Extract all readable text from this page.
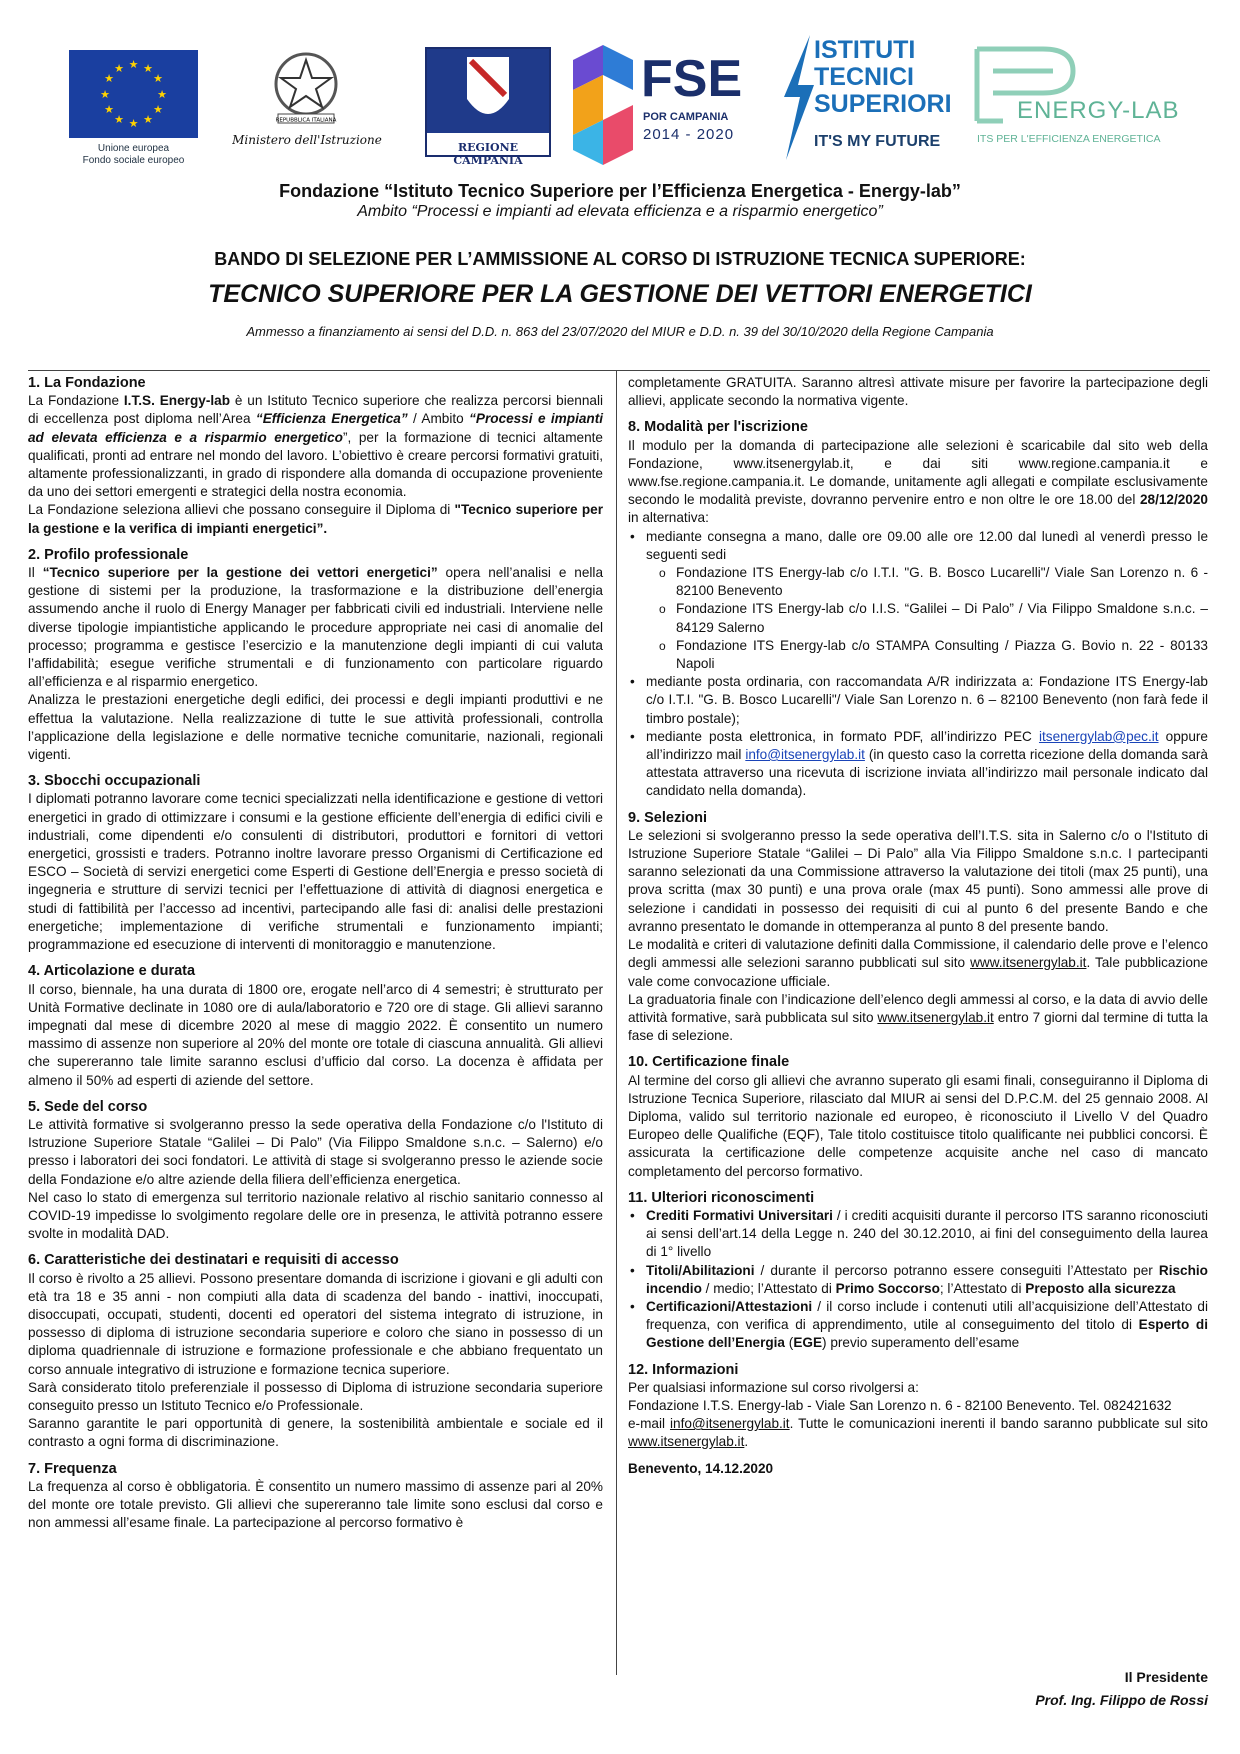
★ ★
★
★
★
★
★
★
★
★
★
★
Unione europea
Fondo sociale europeo
REPUBBLICA ITALIANA
Ministero dell'Istruzione
REGIONE CAMPANIA
FSE
POR CAMPANIA
2014 - 2020
ISTITUTI
TECNICI
SUPERIORI
IT'S MY FUTURE
ENERGY-LAB
ITS PER L'EFFICIENZA ENERGETICA
Fondazione “Istituto Tecnico Superiore per l’Efficienza Energetica - Energy-lab”
Ambito “Processi e impianti ad elevata efficienza e a risparmio energetico”
BANDO DI SELEZIONE PER L’AMMISSIONE AL CORSO DI ISTRUZIONE TECNICA SUPERIORE:
TECNICO SUPERIORE PER LA GESTIONE DEI VETTORI ENERGETICI
Ammesso a finanziamento ai sensi del D.D. n. 863 del 23/07/2020 del MIUR e D.D. n. 39 del 30/10/2020 della Regione Campania

1. La Fondazione

La Fondazione I.T.S. Energy-lab è un Istituto Tecnico superiore che realizza percorsi biennali di eccellenza post diploma nell’Area “Efficienza Energetica” / Ambito “Processi e impianti ad elevata efficienza e a risparmio energetico”, per la formazione di tecnici altamente qualificati, pronti ad entrare nel mondo del lavoro. L’obiettivo è creare percorsi formativi gratuiti, altamente professionalizzanti, in grado di rispondere alla domanda di occupazione proveniente da uno dei settori emergenti e strategici della nostra economia.

La Fondazione seleziona allievi che possano conseguire il Diploma di "Tecnico superiore per la gestione e la verifica di impianti energetici”.

2. Profilo professionale

Il “Tecnico superiore per la gestione dei vettori energetici” opera nell’analisi e nella gestione di sistemi per la produzione, la trasformazione e la distribuzione dell’energia assumendo anche il ruolo di Energy Manager per fabbricati civili ed industriali. Interviene nelle diverse tipologie impiantistiche applicando le procedure appropriate nei casi di anomalie del processo; programma e gestisce l’esercizio e la manutenzione degli impianti di cui valuta l’affidabilità; esegue verifiche strumentali e di funzionamento con particolare riguardo all’efficienza e al risparmio energetico.

Analizza le prestazioni energetiche degli edifici, dei processi e degli impianti produttivi e ne effettua la valutazione. Nella realizzazione di tutte le sue attività professionali, controlla l’applicazione della legislazione e delle normative tecniche comunitarie, nazionali, regionali vigenti.

3. Sbocchi occupazionali

I diplomati potranno lavorare come tecnici specializzati nella identificazione e gestione di vettori energetici in grado di ottimizzare i consumi e la gestione efficiente dell’energia di edifici civili e industriali, come dipendenti e/o consulenti di distributori, produttori e fornitori di vettori energetici, grossisti e traders. Potranno inoltre lavorare presso Organismi di Certificazione ed ESCO – Società di servizi energetici come Esperti di Gestione dell’Energia e presso società di ingegneria e strutture di servizi tecnici per l’effettuazione di attività di diagnosi energetica e studi di fattibilità per l’accesso ad incentivi, partecipando alle fasi di: analisi delle prestazioni energetiche; implementazione di verifiche strumentali e funzionamento impianti; programmazione ed esecuzione di interventi di monitoraggio e manutenzione.

4. Articolazione e durata

Il corso, biennale, ha una durata di 1800 ore, erogate nell’arco di 4 semestri; è strutturato per Unità Formative declinate in 1080 ore di aula/laboratorio e 720 ore di stage. Gli allievi saranno impegnati dal mese di dicembre 2020 al mese di maggio 2022. È consentito un numero massimo di assenze non superiore al 20% del monte ore totale di ciascuna annualità. Gli allievi che supereranno tale limite saranno esclusi d’ufficio dal corso. La docenza è affidata per almeno il 50% ad esperti di aziende del settore.

5. Sede del corso

Le attività formative si svolgeranno presso la sede operativa della Fondazione c/o l'Istituto di Istruzione Superiore Statale “Galilei – Di Palo” (Via Filippo Smaldone s.n.c. – Salerno) e/o presso i laboratori dei soci fondatori. Le attività di stage si svolgeranno presso le aziende socie della Fondazione e/o altre aziende della filiera dell’efficienza energetica.

Nel caso lo stato di emergenza sul territorio nazionale relativo al rischio sanitario connesso al COVID-19 impedisse lo svolgimento regolare delle ore in presenza, le attività potranno essere svolte in modalità DAD.

6. Caratteristiche dei destinatari e requisiti di accesso

Il corso è rivolto a 25 allievi. Possono presentare domanda di iscrizione i giovani e gli adulti con età tra 18 e 35 anni - non compiuti alla data di scadenza del bando - inattivi, inoccupati, disoccupati, occupati, studenti, docenti ed operatori del sistema integrato di istruzione, in possesso di diploma di istruzione secondaria superiore e coloro che siano in possesso di un diploma quadriennale di istruzione e formazione professionale e che abbiano frequentato un corso annuale integrativo di istruzione e formazione tecnica superiore.

Sarà considerato titolo preferenziale il possesso di Diploma di istruzione secondaria superiore conseguito presso un Istituto Tecnico e/o Professionale.

Saranno garantite le pari opportunità di genere, la sostenibilità ambientale e sociale ed il contrasto a ogni forma di discriminazione.

7. Frequenza

La frequenza al corso è obbligatoria. È consentito un numero massimo di assenze pari al 20% del monte ore totale previsto. Gli allievi che supereranno tale limite sono esclusi dal corso e non ammessi all’esame finale. La partecipazione al percorso formativo è

completamente GRATUITA. Saranno altresì attivate misure per favorire la partecipazione degli allievi, applicate secondo la normativa vigente.

8. Modalità per l'iscrizione

Il modulo per la domanda di partecipazione alle selezioni è scaricabile dal sito web della Fondazione, www.itsenergylab.it, e dai siti www.regione.campania.it e www.fse.regione.campania.it. Le domande, unitamente agli allegati e compilate esclusivamente secondo le modalità previste, dovranno pervenire entro e non oltre le ore 18.00 del 28/12/2020 in alternativa:

• mediante consegna a mano, dalle ore 09.00 alle ore 12.00 dal lunedì al venerdì presso le seguenti sedi
o Fondazione ITS Energy-lab c/o I.T.I. "G. B. Bosco Lucarelli"/ Viale San Lorenzo n. 6 - 82100 Benevento
o Fondazione ITS Energy-lab c/o I.I.S. “Galilei – Di Palo” / Via Filippo Smaldone s.n.c. – 84129 Salerno
o Fondazione ITS Energy-lab c/o STAMPA Consulting / Piazza G. Bovio n. 22 - 80133 Napoli
• mediante posta ordinaria, con raccomandata A/R indirizzata a: Fondazione ITS Energy-lab c/o I.T.I. "G. B. Bosco Lucarelli"/ Viale San Lorenzo n. 6 – 82100 Benevento (non farà fede il timbro postale);
• mediante posta elettronica, in formato PDF, all’indirizzo PEC itsenergylab@pec.it oppure all’indirizzo mail info@itsenergylab.it (in questo caso la corretta ricezione della domanda sarà attestata attraverso una ricevuta di iscrizione inviata all’indirizzo mail personale indicato dal candidato nella domanda).

9. Selezioni

Le selezioni si svolgeranno presso la sede operativa dell’I.T.S. sita in Salerno c/o o l'Istituto di Istruzione Superiore Statale “Galilei – Di Palo” alla Via Filippo Smaldone s.n.c. I partecipanti saranno selezionati da una Commissione attraverso la valutazione dei titoli (max 25 punti), una prova scritta (max 30 punti) e una prova orale (max 45 punti). Sono ammessi alle prove di selezione i candidati in possesso dei requisiti di cui al punto 6 del presente Bando e che avranno presentato le domande in ottemperanza al punto 8 del presente bando.

Le modalità e criteri di valutazione definiti dalla Commissione, il calendario delle prove e l’elenco degli ammessi alle selezioni saranno pubblicati sul sito www.itsenergylab.it. Tale pubblicazione vale come convocazione ufficiale.

La graduatoria finale con l’indicazione dell’elenco degli ammessi al corso, e la data di avvio delle attività formative, sarà pubblicata sul sito www.itsenergylab.it entro 7 giorni dal termine di tutta la fase di selezione.

10. Certificazione finale

Al termine del corso gli allievi che avranno superato gli esami finali, conseguiranno il Diploma di Istruzione Tecnica Superiore, rilasciato dal MIUR ai sensi del D.P.C.M. del 25 gennaio 2008. Al Diploma, valido sul territorio nazionale ed europeo, è riconosciuto il Livello V del Quadro Europeo delle Qualifiche (EQF), Tale titolo costituisce titolo qualificante nei pubblici concorsi. È assicurata la certificazione delle competenze acquisite anche nel caso di mancato completamento del percorso formativo.

11. Ulteriori riconoscimenti

• Crediti Formativi Universitari / i crediti acquisiti durante il percorso ITS saranno riconosciuti ai sensi dell’art.14 della Legge n. 240 del 30.12.2010, ai fini del conseguimento della laurea di 1° livello
• Titoli/Abilitazioni / durante il percorso potranno essere conseguiti l’Attestato per Rischio incendio / medio; l’Attestato di Primo Soccorso; l’Attestato di Preposto alla sicurezza
• Certificazioni/Attestazioni / il corso include i contenuti utili all’acquisizione dell’Attestato di frequenza, con verifica di apprendimento, utile al conseguimento del titolo di Esperto di Gestione dell’Energia (EGE) previo superamento dell’esame

12. Informazioni

Per qualsiasi informazione sul corso rivolgersi a:

Fondazione I.T.S. Energy-lab - Viale San Lorenzo n. 6 - 82100 Benevento. Tel. 082421632

e-mail info@itsenergylab.it. Tutte le comunicazioni inerenti il bando saranno pubblicate sul sito www.itsenergylab.it.

Benevento, 14.12.2020

Il Presidente
Prof. Ing. Filippo de Rossi
